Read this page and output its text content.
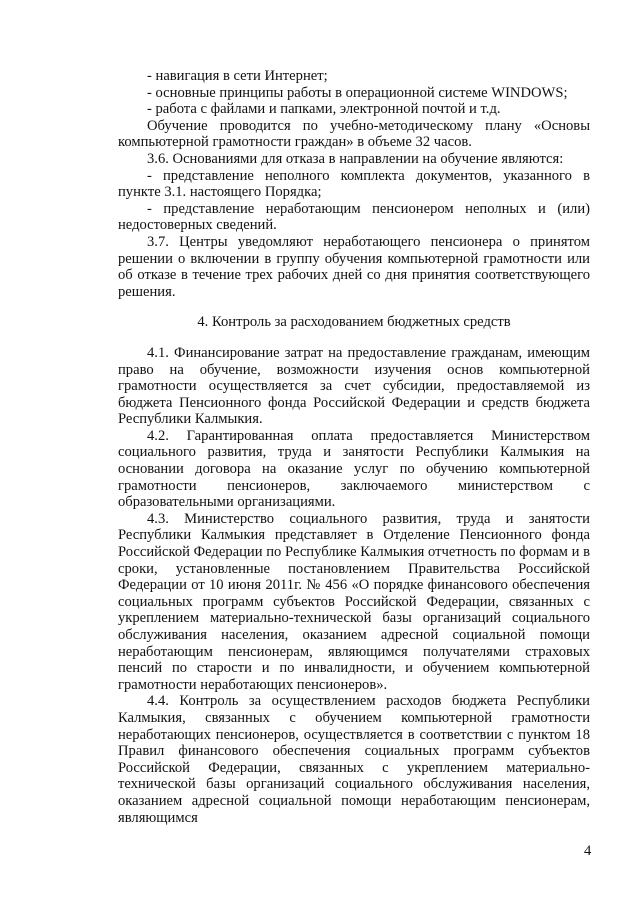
- навигация в сети Интернет;

- основные принципы работы в операционной системе WINDOWS;

- работа с файлами и папками, электронной почтой и т.д.

Обучение проводится по учебно-методическому плану «Основы компьютерной грамотности граждан» в объеме 32 часов.

3.6. Основаниями для отказа в направлении на обучение являются:

- представление неполного комплекта документов, указанного в пункте 3.1. настоящего Порядка;

- представление неработающим пенсионером неполных и (или) недостоверных сведений.

3.7. Центры уведомляют неработающего пенсионера о принятом решении о включении в группу обучения компьютерной грамотности или об отказе в течение трех рабочих дней со дня принятия соответствующего решения.

4. Контроль за расходованием бюджетных средств

4.1. Финансирование затрат на предоставление гражданам, имеющим право на обучение, возможности изучения основ компьютерной грамотности осуществляется за счет субсидии, предоставляемой из бюджета Пенсионного фонда Российской Федерации и средств бюджета Республики Калмыкия.

4.2. Гарантированная оплата предоставляется Министерством социального развития, труда и занятости Республики Калмыкия на основании договора на оказание услуг по обучению компьютерной грамотности пенсионеров, заключаемого министерством с образовательными организациями.

4.3. Министерство социального развития, труда и занятости Республики Калмыкия представляет в Отделение Пенсионного фонда Российской Федерации по Республике Калмыкия отчетность по формам и в сроки, установленные постановлением Правительства Российской Федерации от 10 июня 2011г. № 456 «О порядке финансового обеспечения социальных программ субъектов Российской Федерации, связанных с укреплением материально-технической базы организаций социального обслуживания населения, оказанием адресной социальной помощи неработающим пенсионерам, являющимся получателями страховых пенсий по старости и по инвалидности, и обучением компьютерной грамотности неработающих пенсионеров».

4.4. Контроль за осуществлением расходов бюджета Республики Калмыкия, связанных с обучением компьютерной грамотности неработающих пенсионеров, осуществляется в соответствии с пунктом 18 Правил финансового обеспечения социальных программ субъектов Российской Федерации, связанных с укреплением материально-технической базы организаций социального обслуживания населения, оказанием адресной социальной помощи неработающим пенсионерам, являющимся

4
